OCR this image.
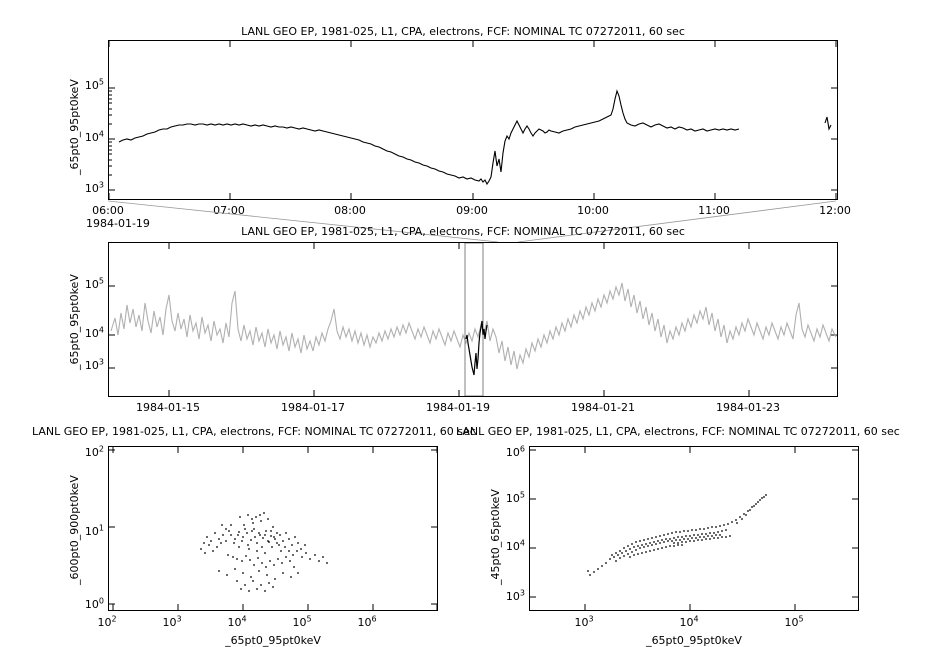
LANL GEO EP, 1981-025, L1, CPA, electrons, FCF: NOMINAL TC 07272011, 60 sec
_65pt0_95pt0keV
$10^3$
$10^4$
$10^5$
06:00	07:00	08:00	09:00	10:00	11:00	12:00
1984-01-19
LANL GEO EP, 1981-025, L1, CPA, electrons, FCF: NOMINAL TC 07272011, 60 sec
_65pt0_95pt0keV $10^3$
$10^4$
$10^5$
1984-01-15	1984-01-17	1984-01-19	1984-01-21	1984-01-23
LANL GEO EP, 1981-025, L1, CPA, electrons, FCF: NOMINAL TC 07272011, 60 sec
_600pt0_900pt0keV
$10^0$
$10^1$
$10^2$
$10^2$	$10^3$	$10^4$	$10^5$	$10^6$
_65pt0_95pt0keV
LANL GEO EP, 1981-025, L1, CPA, electrons, FCF: NOMINAL TC 07272011, 60 sec
_45pt0_65pt0keV
$10^3$
$10^4$
$10^5$
$10^6$
$10^3$	$10^4$	$10^5$
_65pt0_95pt0keV
